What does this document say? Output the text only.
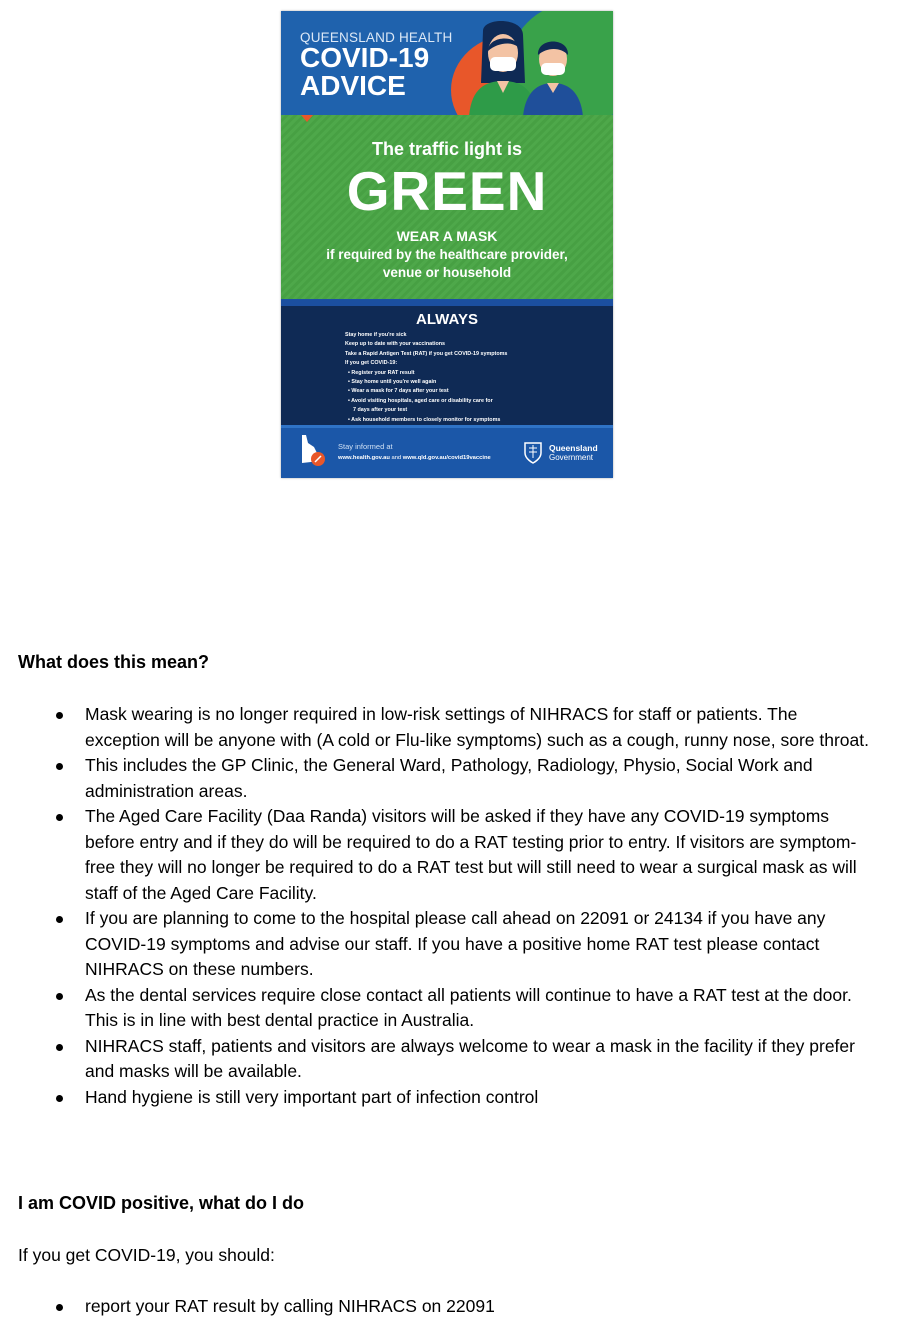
QUEENSLAND HEALTH
COVID-19
ADVICE
The traffic light is
GREEN
WEAR A MASK
if required by the healthcare provider,
venue or household
ALWAYS
Stay home if you're sick
Keep up to date with your vaccinations
Take a Rapid Antigen Test (RAT) if you get COVID-19 symptoms
If you get COVID-19:
• Register your RAT result
• Stay home until you're well again
• Wear a mask for 7 days after your test
• Avoid visiting hospitals, aged care or disability care for
7 days after your test
• Ask household members to closely monitor for symptoms
Stay informed at
www.health.gov.au and www.qld.gov.au/covid19vaccine
Queensland
Government
What does this mean?
Mask wearing is no longer required in low-risk settings of NIHRACS for staff or patients. The exception will be anyone with (A cold or Flu-like symptoms) such as a cough, runny nose, sore throat.
This includes the GP Clinic, the General Ward, Pathology, Radiology, Physio, Social Work and administration areas.
The Aged Care Facility (Daa Randa) visitors will be asked if they have any COVID-19 symptoms before entry and if they do will be required to do a RAT testing prior to entry. If visitors are symptom-free they will no longer be required to do a RAT test but will still need to wear a surgical mask as will staff of the Aged Care Facility.
If you are planning to come to the hospital please call ahead on 22091 or 24134 if you have any COVID-19 symptoms and advise our staff. If you have a positive home RAT test please contact NIHRACS on these numbers.
As the dental services require close contact all patients will continue to have a RAT test at the door. This is in line with best dental practice in Australia.
NIHRACS staff, patients and visitors are always welcome to wear a mask in the facility if they prefer and masks will be available.
Hand hygiene is still very important part of infection control
I am COVID positive, what do I do
If you get COVID-19, you should:
report your RAT result by calling NIHRACS on 22091
